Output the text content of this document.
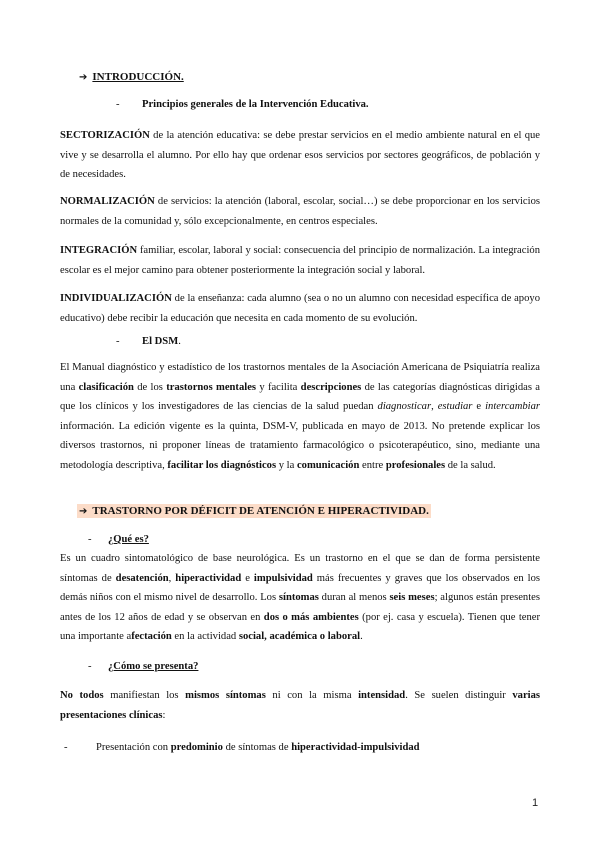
➔ INTRODUCCIÓN.
- Principios generales de la Intervención Educativa.

SECTORIZACIÓN de la atención educativa: se debe prestar servicios en el medio ambiente natural en el que vive y se desarrolla el alumno. Por ello hay que ordenar esos servicios por sectores geográficos, de población y de necesidades.

NORMALIZACIÓN de servicios: la atención (laboral, escolar, social…) se debe proporcionar en los servicios normales de la comunidad y, sólo excepcionalmente, en centros especiales.

INTEGRACIÓN familiar, escolar, laboral y social: consecuencia del principio de normalización. La integración escolar es el mejor camino para obtener posteriormente la integración social y laboral.

INDIVIDUALIZACIÓN de la enseñanza: cada alumno (sea o no un alumno con necesidad específica de apoyo educativo) debe recibir la educación que necesita en cada momento de su evolución.

- El DSM.

El Manual diagnóstico y estadístico de los trastornos mentales de la Asociación Americana de Psiquiatría realiza una clasificación de los trastornos mentales y facilita descripciones de las categorías diagnósticas dirigidas a que los clínicos y los investigadores de las ciencias de la salud puedan diagnosticar, estudiar e intercambiar información. La edición vigente es la quinta, DSM-V, publicada en mayo de 2013. No pretende explicar los diversos trastornos, ni proponer líneas de tratamiento farmacológico o psicoterapéutico, sino, mediante una metodología descriptiva, facilitar los diagnósticos y la comunicación entre profesionales de la salud.

➔ TRASTORNO POR DÉFICIT DE ATENCIÓN E HIPERACTIVIDAD.
- ¿Qué es?

Es un cuadro sintomatológico de base neurológica. Es un trastorno en el que se dan de forma persistente síntomas de desatención, hiperactividad e impulsividad más frecuentes y graves que los observados en los demás niños con el mismo nivel de desarrollo. Los síntomas duran al menos seis meses; algunos están presentes antes de los 12 años de edad y se observan en dos o más ambientes (por ej. casa y escuela). Tienen que tener una importante afectación en la actividad social, académica o laboral.

- ¿Cómo se presenta?

No todos manifiestan los mismos síntomas ni con la misma intensidad. Se suelen distinguir varias presentaciones clínicas:

-	Presentación con predominio de síntomas de hiperactividad-impulsividad
1
